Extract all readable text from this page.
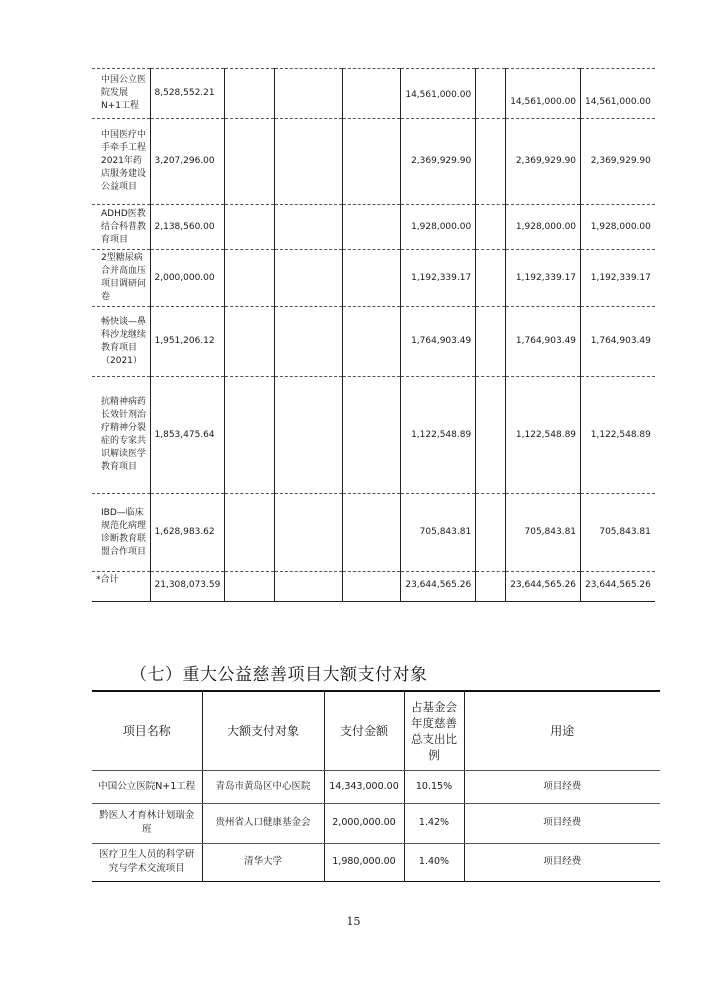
中国公立医院发展N+1工程	8,528,552.21				14,561,000.00		14,561,000.00	14,561,000.00
中国医疗中手牵手工程2021年药店服务建设公益项目	3,207,296.00				2,369,929.90		2,369,929.90	2,369,929.90
ADHD医教结合科普教育项目	2,138,560.00				1,928,000.00		1,928,000.00	1,928,000.00
2型糖尿病合并高血压项目调研问卷	2,000,000.00				1,192,339.17		1,192,339.17	1,192,339.17
畅快谈—鼻科沙龙继续教育项目（2021）	1,951,206.12				1,764,903.49		1,764,903.49	1,764,903.49
抗精神病药长效针剂治疗精神分裂症的专家共识解读医学教育项目	1,853,475.64				1,122,548.89		1,122,548.89	1,122,548.89
IBD—临床规范化病理诊断教育联盟合作项目	1,628,983.62				705,843.81		705,843.81	705,843.81
*合计	21,308,073.59				23,644,565.26		23,644,565.26	23,644,565.26
（七）重大公益慈善项目大额支付对象
项目名称	大额支付对象	支付金额	占基金会年度慈善总支出比例	用途
中国公立医院N+1工程	青岛市黄岛区中心医院	14,343,000.00	10.15%	项目经费
黔医人才育林计划瑞金班	贵州省人口健康基金会	2,000,000.00	1.42%	项目经费
医疗卫生人员的科学研究与学术交流项目	清华大学	1,980,000.00	1.40%	项目经费
15
